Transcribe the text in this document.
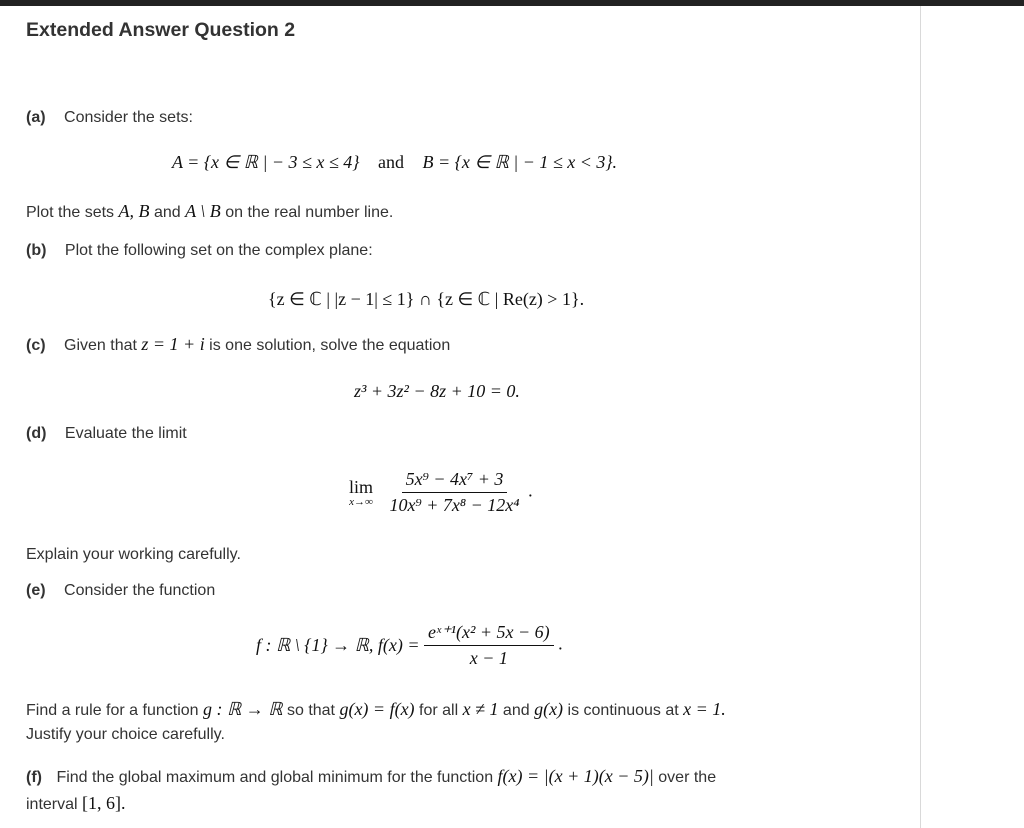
Extended Answer Question 2
(a) Consider the sets:
A = {x ∈ ℝ | − 3 ≤ x ≤ 4} and B = {x ∈ ℝ | − 1 ≤ x < 3}.
Plot the sets A, B and A \ B on the real number line.
(b) Plot the following set on the complex plane:
{z ∈ ℂ | |z − 1| ≤ 1} ∩ {z ∈ ℂ | Re(z) > 1}.
(c) Given that z = 1 + i is one solution, solve the equation
z³ + 3z² − 8z + 10 = 0.
(d) Evaluate the limit
lim
x→∞
$\frac{\text{5x⁹ − 4x⁷ + 3}}{\text{10x⁹ + 7x⁸ − 12x⁴}}$ .
Explain your working carefully.
(e) Consider the function
f : ℝ \ {1} → ℝ, $f(x) = \frac{\text{eˣ⁺¹(x² + 5x − 6)}}{x - 1}$ .
Find a rule for a function g : ℝ → ℝ so that g(x) = f(x) for all x ≠ 1 and g(x) is continuous at x = 1.
Justify your choice carefully.
(f) Find the global maximum and global minimum for the function f(x) = |(x + 1)(x − 5)| over the
interval [1, 6].
